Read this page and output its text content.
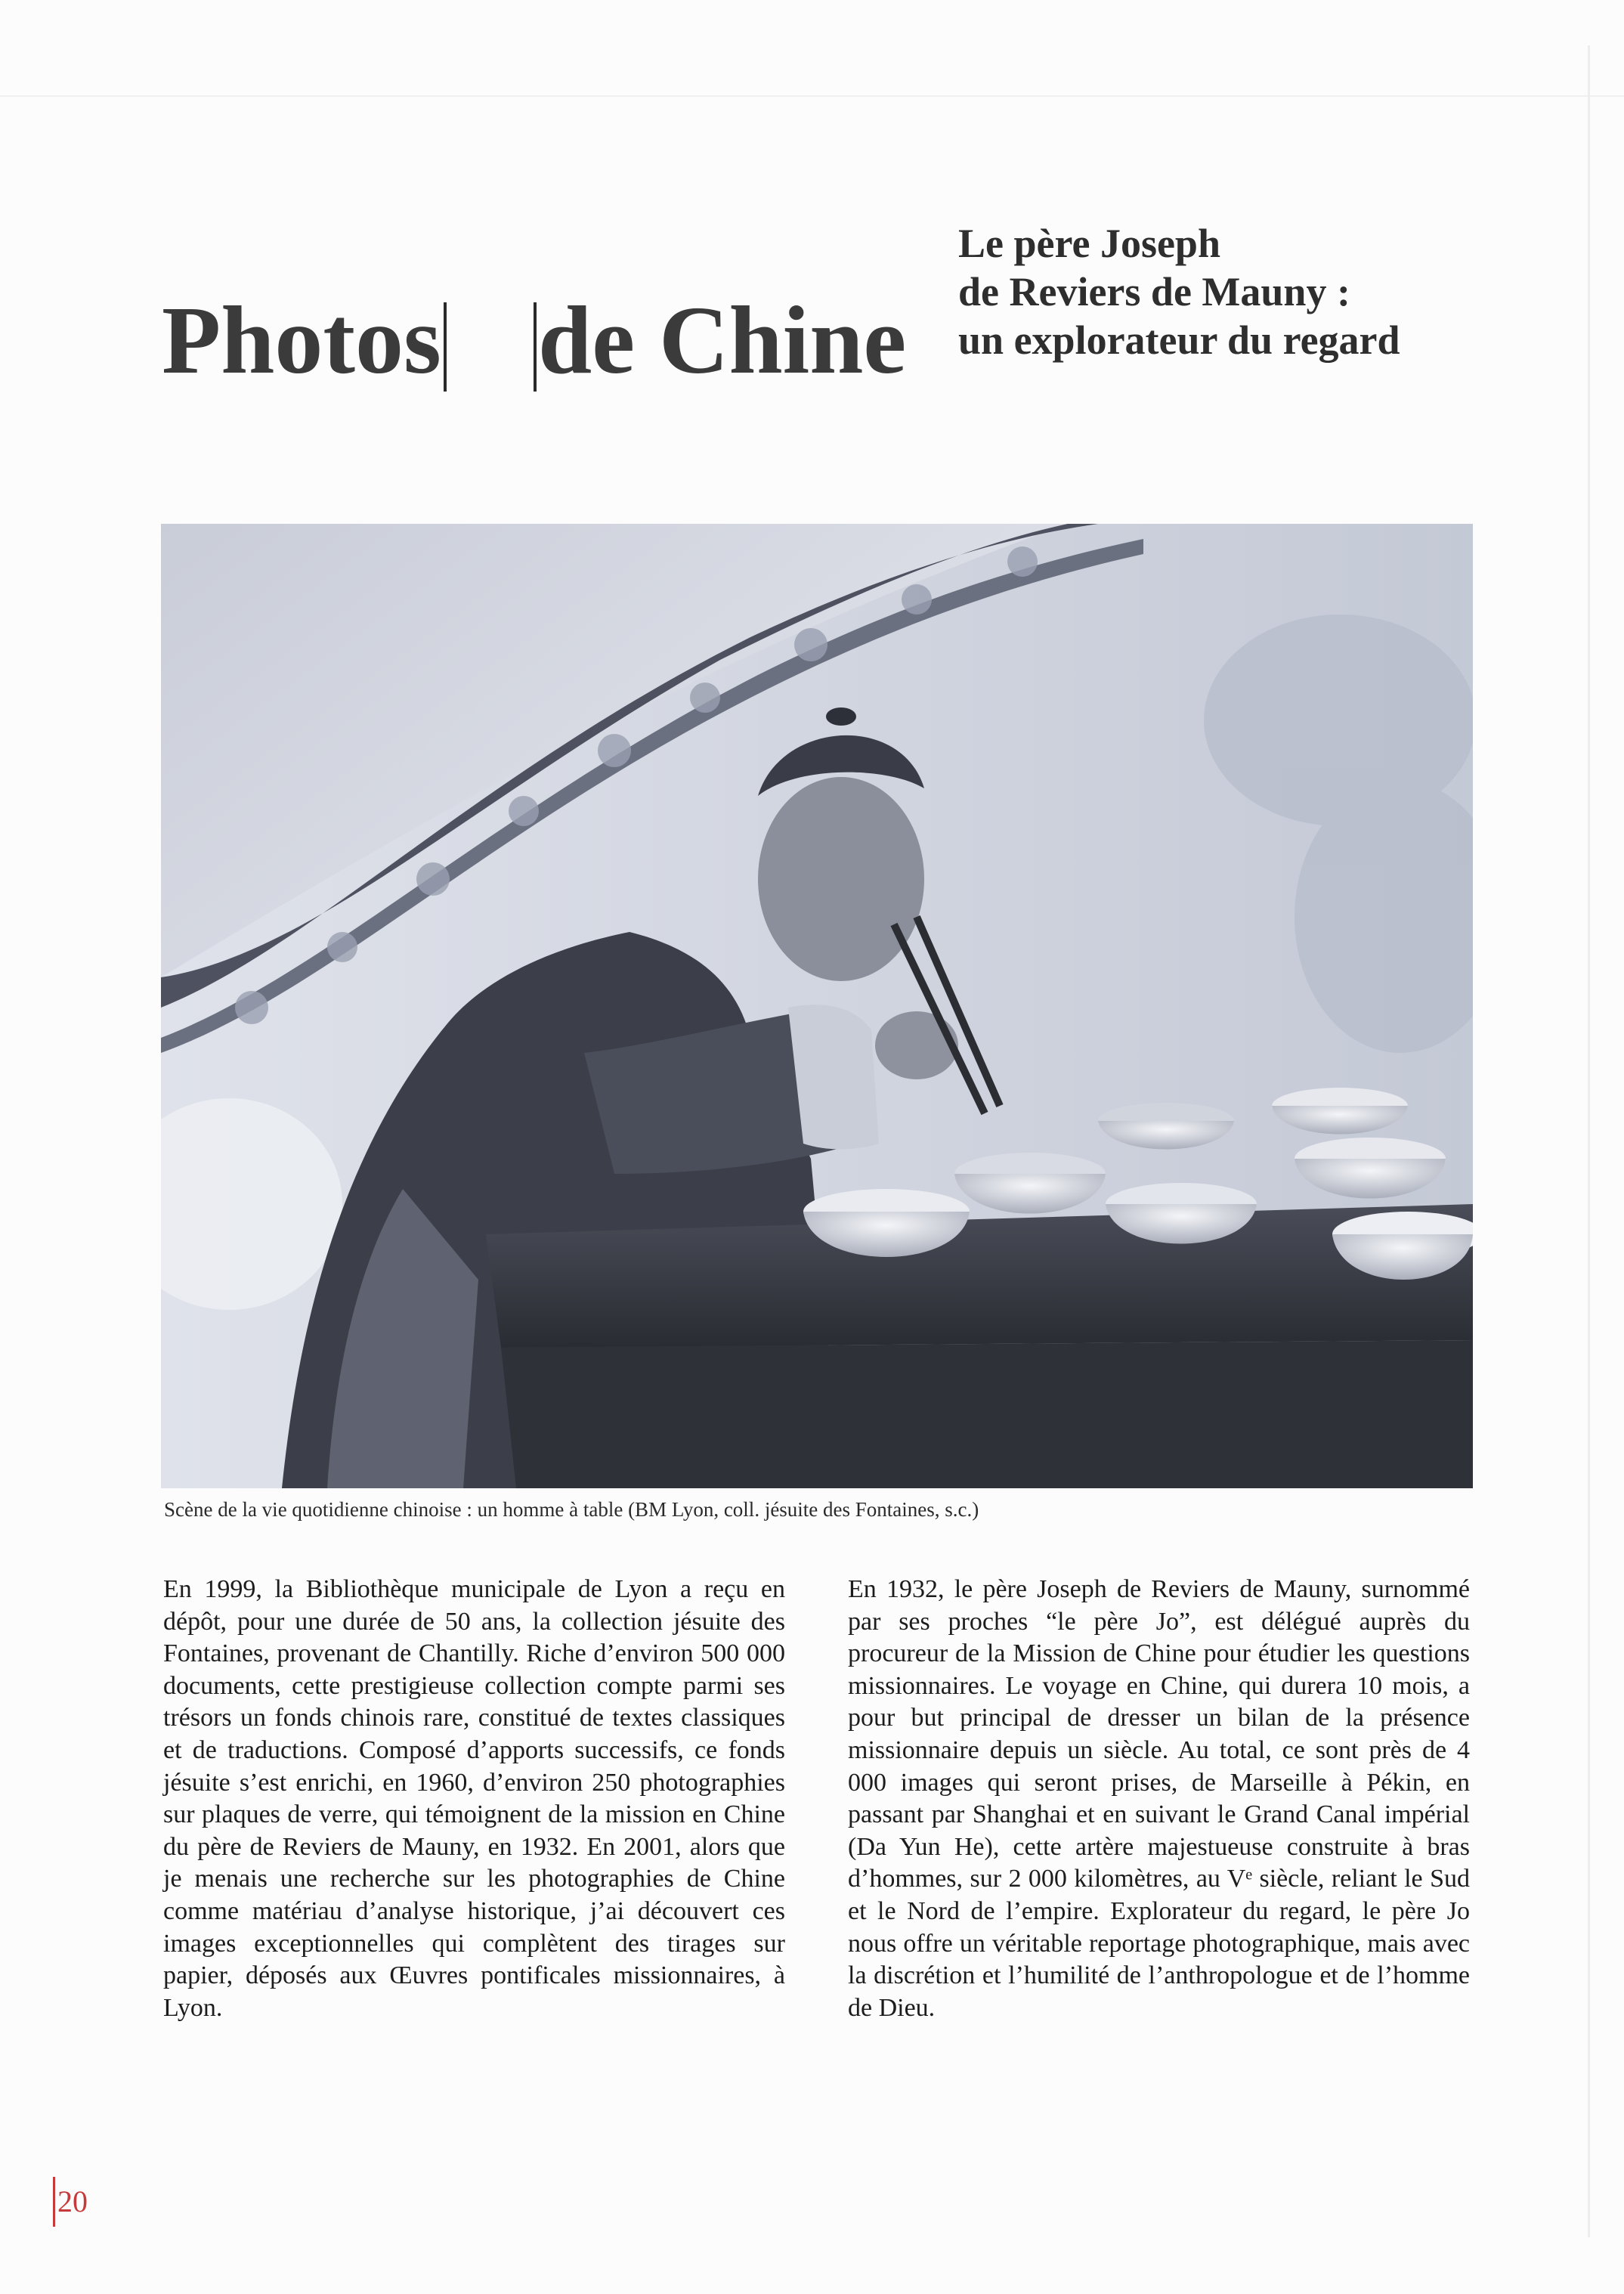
Photos de Chine
Le père Joseph
de Reviers de Mauny :
un explorateur du regard
Scène de la vie quotidienne chinoise : un homme à table (BM Lyon, coll. jésuite des Fontaines, s.c.)
En 1999, la Bibliothèque municipale de Lyon a reçu en dépôt, pour une durée de 50 ans, la collection jésuite des Fontaines, provenant de Chantilly. Riche d’environ 500 000 documents, cette prestigieuse collection compte parmi ses trésors un fonds chinois rare, constitué de textes classiques et de traductions. Composé d’apports successifs, ce fonds jésuite s’est enrichi, en 1960, d’environ 250 photographies sur plaques de verre, qui témoignent de la mission en Chine du père de Reviers de Mauny, en 1932. En 2001, alors que je menais une recherche sur les photographies de Chine comme matériau d’analyse historique, j’ai découvert ces images exceptionnelles qui complètent des tirages sur papier, déposés aux Œuvres pontificales missionnaires, à Lyon.
En 1932, le père Joseph de Reviers de Mauny, surnommé par ses proches “le père Jo”, est délégué auprès du procureur de la Mission de Chine pour étudier les questions missionnaires. Le voyage en Chine, qui durera 10 mois, a pour but principal de dresser un bilan de la présence missionnaire depuis un siècle. Au total, ce sont près de 4 000 images qui seront prises, de Marseille à Pékin, en passant par Shanghai et en suivant le Grand Canal impérial (Da Yun He), cette artère majestueuse construite à bras d’hommes, sur 2 000 kilomètres, au Vᵉ siècle, reliant le Sud et le Nord de l’empire. Explorateur du regard, le père Jo nous offre un véritable reportage photographique, mais avec la discrétion et l’humilité de l’anthropologue et de l’homme de Dieu.
20
